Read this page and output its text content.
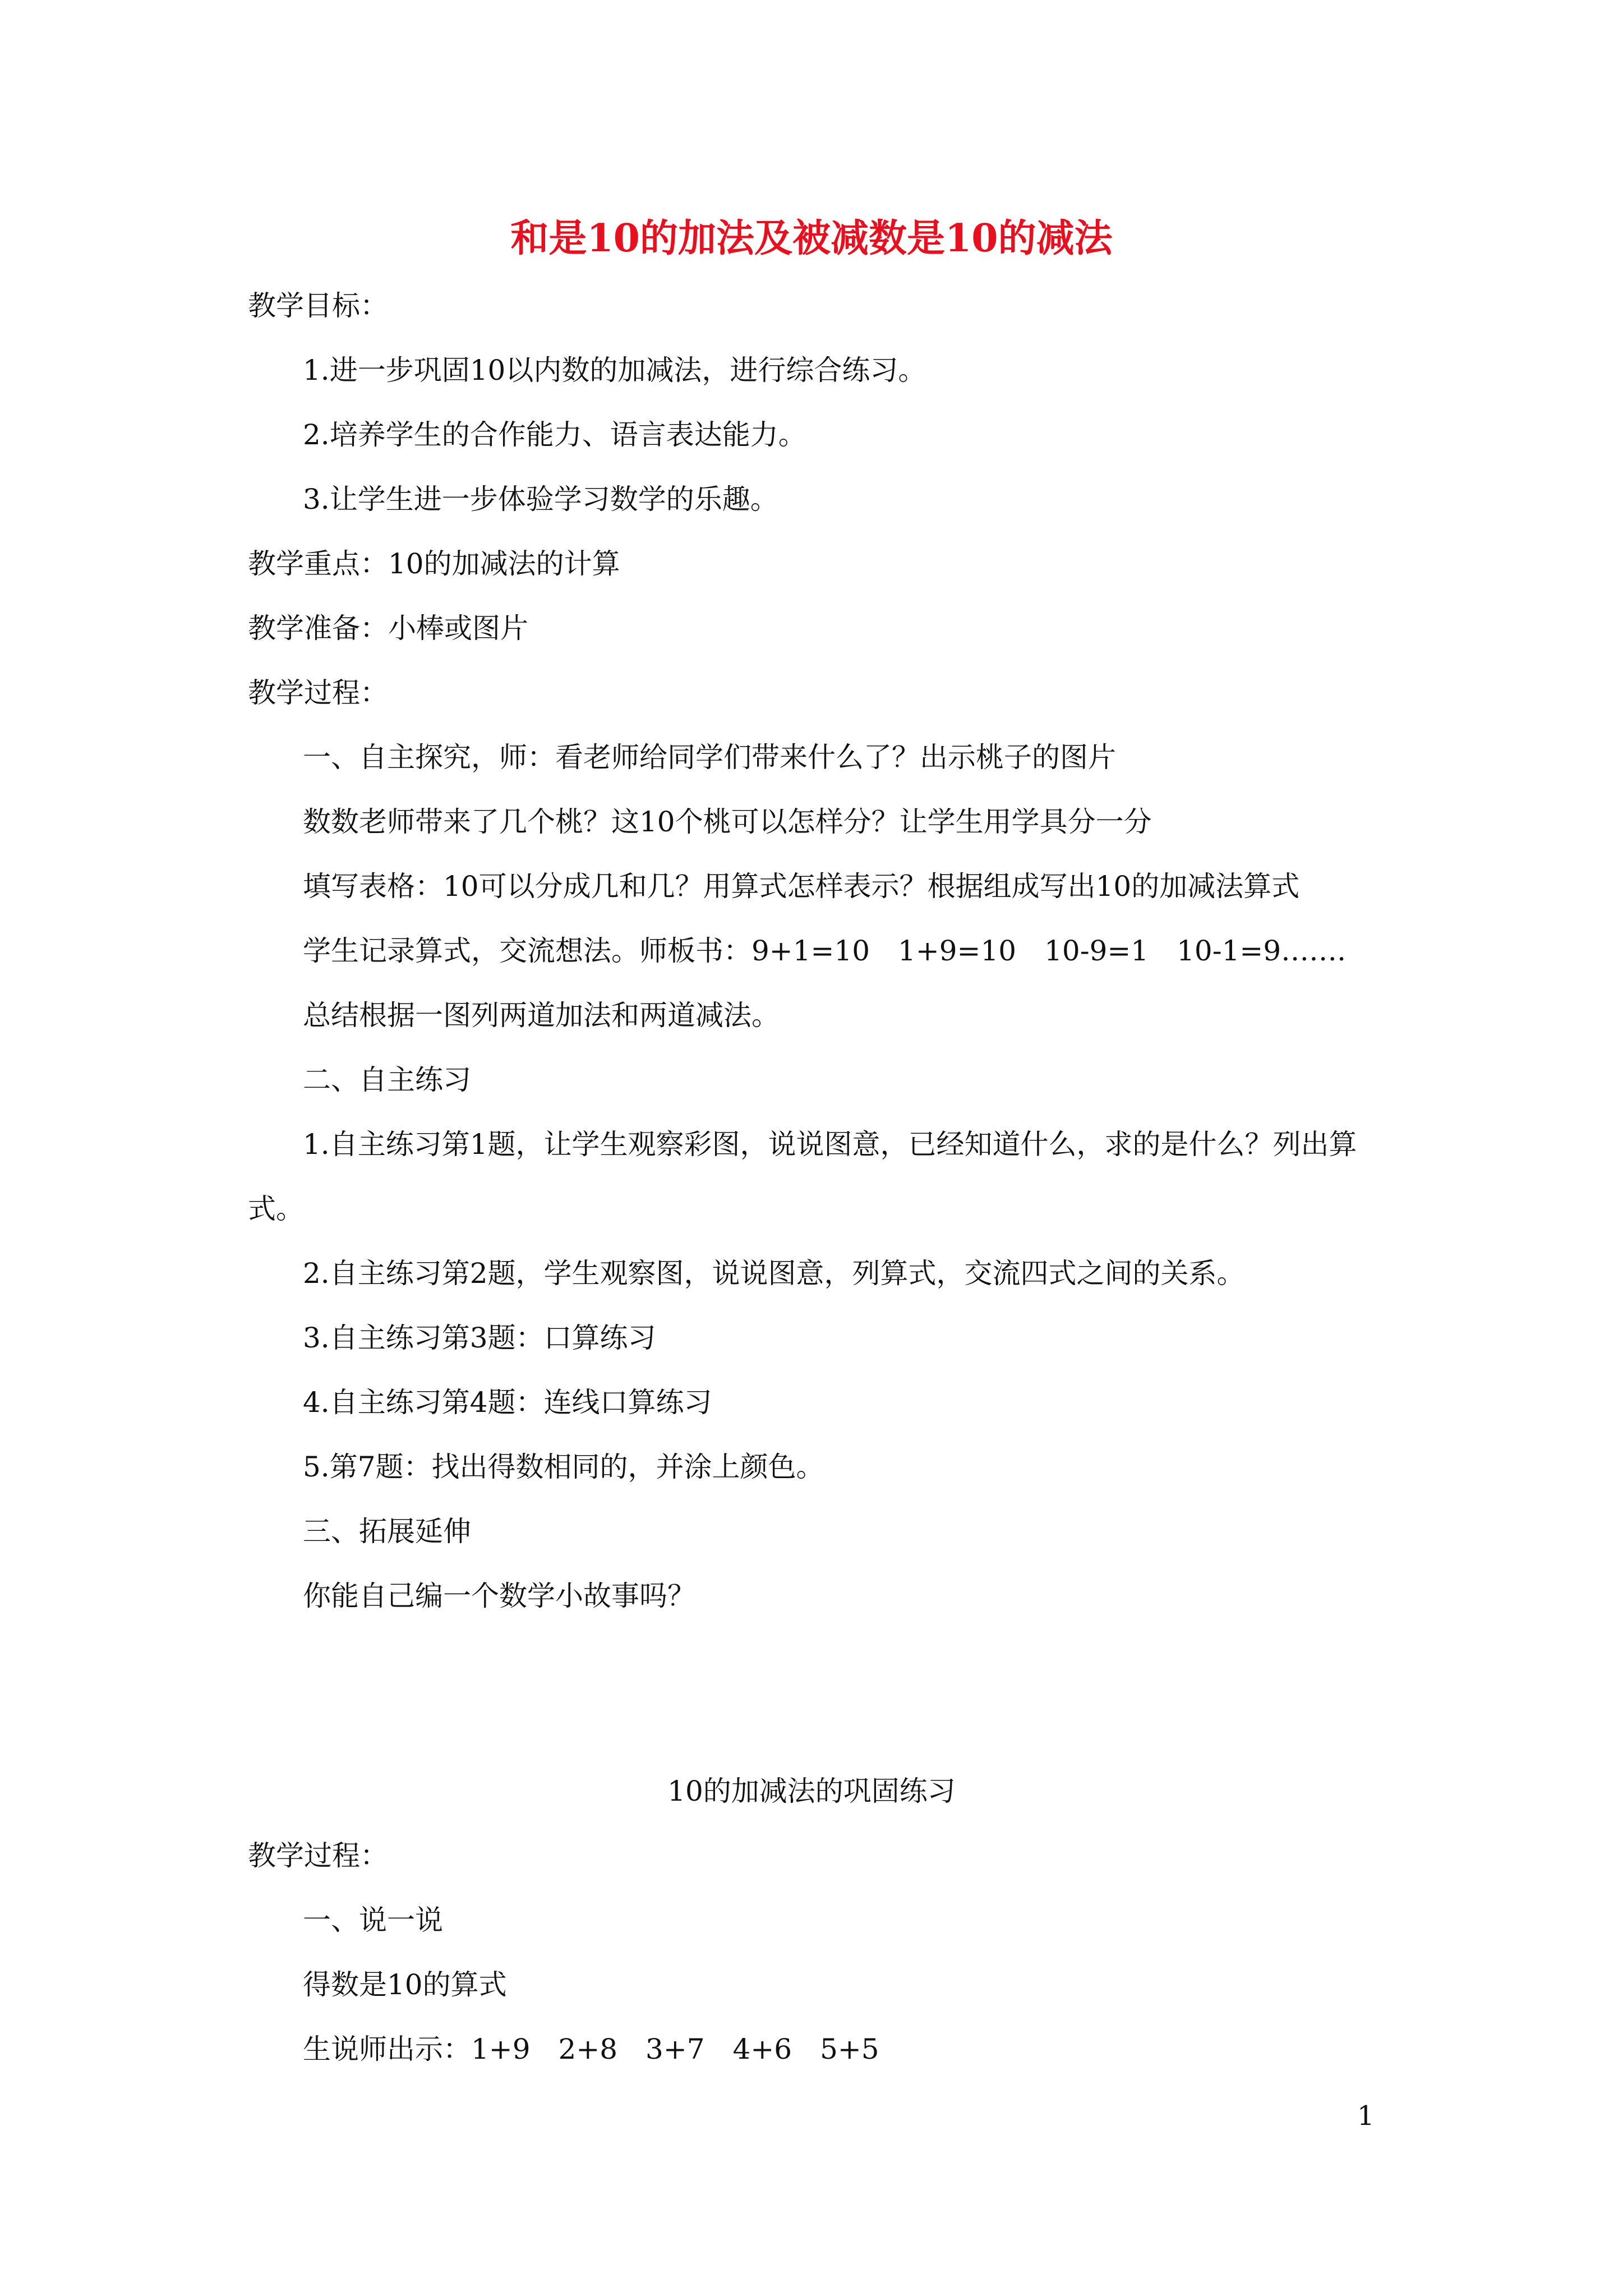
和是10的加法及被减数是10的减法
教学目标：
1.进一步巩固10以内数的加减法，进行综合练习。
2.培养学生的合作能力、语言表达能力。
3.让学生进一步体验学习数学的乐趣。
教学重点：10的加减法的计算
教学准备：小棒或图片
教学过程：
一、自主探究，师：看老师给同学们带来什么了？出示桃子的图片
数数老师带来了几个桃？这10个桃可以怎样分？让学生用学具分一分
填写表格：10可以分成几和几？用算式怎样表示？根据组成写出10的加减法算式
学生记录算式，交流想法。师板书：9+1=10　1+9=10　10-9=1　10-1=9…….
总结根据一图列两道加法和两道减法。
二、自主练习
1.自主练习第1题，让学生观察彩图，说说图意，已经知道什么，求的是什么？列出算
式。
2.自主练习第2题，学生观察图，说说图意，列算式，交流四式之间的关系。
3.自主练习第3题：口算练习
4.自主练习第4题：连线口算练习
5.第7题：找出得数相同的，并涂上颜色。
三、拓展延伸
你能自己编一个数学小故事吗？
10的加减法的巩固练习
教学过程：
一、说一说
得数是10的算式
生说师出示：1+9　2+8　3+7　4+6　5+5
1
